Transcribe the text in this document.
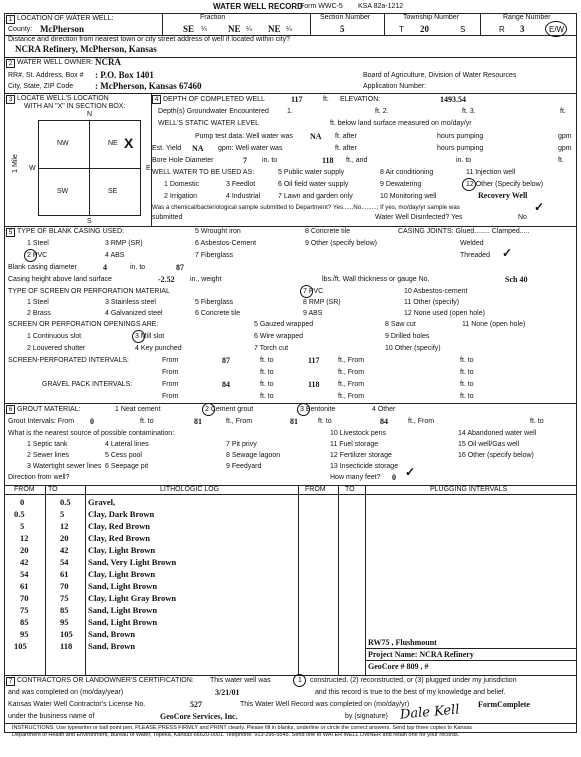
WATER WELL RECORD
Form WWC-5 KSA 82a-1212
1 LOCATION OF WATER WELL:
County: McPherson
Fraction
SE ¼ NE ¼ NE ¼
Section Number
5
Township Number
T 20	S
Range Number
R 3	E/W
Distance and direction from nearest town or city street address of well if located within city?
NCRA Refinery, McPherson, Kansas
2 WATER WELL OWNER: NCRA
RR#, St. Address, Box # : P.O. Box 1401	Board of Agriculture, Division of Water Resources
City, State, ZIP Code : McPherson, Kansas 67460	Application Number:
3 LOCATE WELL'S LOCATION
WITH AN "X" IN SECTION BOX:
N
NW	NE X
SW	SE
W	E
S
1 Mile
4 DEPTH OF COMPLETED WELL	117	ft. ELEVATION:	1493.54
Depth(s) Groundwater Encountered	1.	ft. 2.	ft. 3.	ft.
WELL'S STATIC WATER LEVEL	ft. below land surface measured on mo/day/yr
Pump test data: Well water was NA ft. after	hours pumping	gpm
Est. Yield NA gpm: Well water was	ft. after	hours pumping	gpm
Bore Hole Diameter	7 in. to	118 ft., and	in. to	ft.
WELL WATER TO BE USED AS:	5 Public water supply	8 Air conditioning	11 Injection well
1 Domestic	3 Feedlot	6 Oil field water supply	9 Dewatering	12 Other (Specify below)
2 Irrigation	4 Industrial	7 Lawn and garden only	10 Monitoring well	Recovery Well
Was a chemical/bacteriological sample submitted to Department? Yes......No.........; If yes, mo/day/yr sample was
submitted	Water Well Disinfected? Yes	No
✓
5 TYPE OF BLANK CASING USED:	5 Wrought iron	8 Concrete tile	CASING JOINTS: Glued........ Clamped.....
1 Steel	3 RMP (SR)	6 Asbestos-Cement	9 Other (specify below)	Welded
2 PVC	4 ABS	7 Fiberglass	Threaded ✓
Blank casing diameter	4	in. to	87
Casing height above land surface	-2.52 in., weight	lbs./ft. Wall thickness or gauge No.	Sch 40
TYPE OF SCREEN OR PERFORATION MATERIAL	7 PVC	10 Asbestos-cement
1 Steel	3 Stainless steel	5 Fiberglass	8 RMP (SR)	11 Other (specify)
2 Brass	4 Galvanized steel	6 Concrete tile	9 ABS	12 None used (open hole)
SCREEN OR PERFORATION OPENINGS ARE:	5 Gauzed wrapped	8 Saw cut	11 None (open hole)
1 Continuous slot	3 Mill slot	6 Wire wrapped	9 Drilled holes
2 Louvered shutter	4 Key punched	7 Torch cut	10 Other (specify)
SCREEN-PERFORATED INTERVALS:	From	87	ft. to	117	ft., From	ft. to
From	ft. to	ft., From	ft. to
GRAVEL PACK INTERVALS:	From	84	ft. to	118	ft., From	ft. to
From	ft. to	ft., From	ft. to
6 GROUT MATERIAL:	1 Neat cement	2 Cement grout	3 Bentonite	4 Other
Grout Intervals: From 0	ft. to	81	ft., From	81	ft. to	84	ft., From	ft. to
What is the nearest source of possible contamination:	10 Livestock pens	14 Abandoned water well
1 Septic tank	4 Lateral lines	7 Pit privy	11 Fuel storage	15 Oil well/Gas well
2 Sewer lines	5 Cess pool	8 Sewage lagoon	12 Fertilizer storage	16 Other (specify below)
3 Watertight sewer lines 6 Seepage pit	9 Feedyard	13 Insecticide storage
Direction from well?	How many feet? 0 ✓
FROM TO	LITHOLOGIC LOG	FROM	TO	PLUGGING INTERVALS
0	0.5 Gravel,
0.5	5	Clay, Dark Brown
5	12 Clay, Red Brown
12	20 Clay, Red Brown
20	42 Clay, Light Brown
42	54 Sand, Very Light Brown
54	61 Clay, Light Brown
61	70 Sand, Light Brown
70	75 Clay, Light Gray Brown
75	85 Sand, Light Brown
85	95 Sand, Light Brown
95	105 Sand, Brown
105	118 Sand, Brown	RW75 , Flushmount
Project Name: NCRA Refinery
GeoCore # 809 , #
7 CONTRACTORS OR LANDOWNER'S CERTIFICATION: This water well was	1 constructed, (2) reconstructed, or (3) plugged under my jurisdiction
and was completed on (mo/day/year)	3/21/01	and this record is true to the best of my knowledge and belief.
Kansas Water Well Contractor's License No.	527	This Water Well Record was completed on (mo/day/yr)	FormComplete
under the business name of	GeoCore Services, Inc.	by (signature) Dale Kell
INSTRUCTIONS: Use typewriter or ball point pen. PLEASE PRESS FIRMLY and PRINT clearly. Please fill in blanks, underline or circle the correct answers. Send top three copies to Kansas
Department of Health and Environment, Bureau of Water, Topeka, Kansas 66620-0001. Telephone: 913-296-5545. Send one to WATER WELL OWNER and retain one for your records.
